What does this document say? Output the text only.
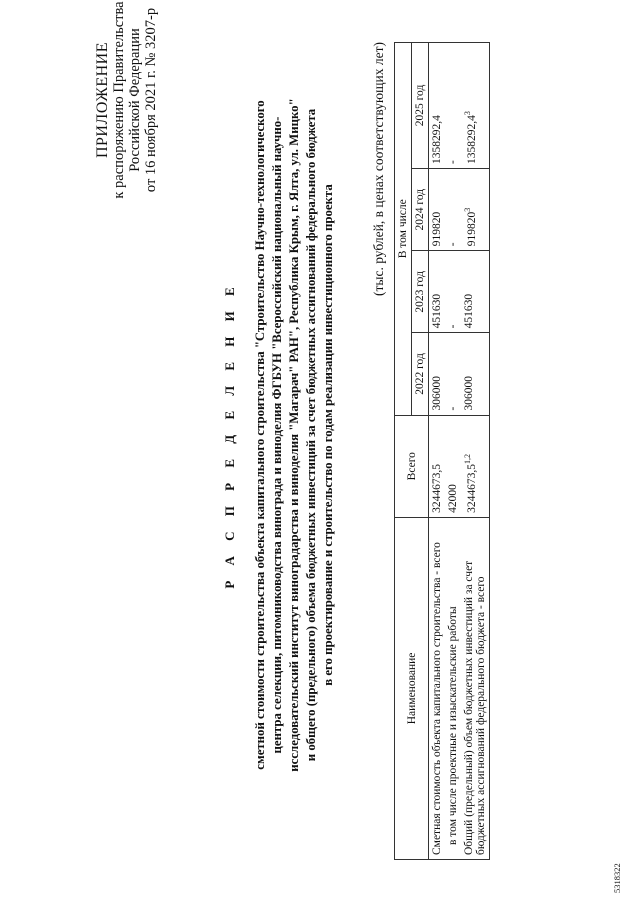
ПРИЛОЖЕНИЕ к распоряжению Правительства Российской Федерации от 16 ноября 2021 г. № 3207-р
Р А С П Р Е Д Е Л Е Н И Е сметной стоимости строительства объекта капитального строительства "Строительство Научно-технологического центра селекции, питомниководства винограда и виноделия ФГБУН "Всероссийский национальный научно- исследовательский институт виноградарства и виноделия "Магарач" РАН", Республика Крым, г. Ялта, ул. Мицко" и общего (предельного) объема бюджетных инвестиций за счет бюджетных ассигнований федерального бюджета в его проектирование и строительство по годам реализации инвестиционного проекта
(тыс. рублей, в ценах соответствующих лет)
Наименование	Всего	В том числе			
		2022 год	2023 год	2024 год	2025 год
Сметная стоимость объекта капитального строительства - всего	3244673,5	306000	451630	919820	1358292,4
в том числе проектные и изыскательские работы	42000	-	-	-	-
Общий (предельный) объем бюджетных инвестиций за счет бюджетных ассигнований федерального бюджета - всего	3244673,5$^{1,2}$	306000	451630	919820$^3$	1358292,4$^3$
5318322
